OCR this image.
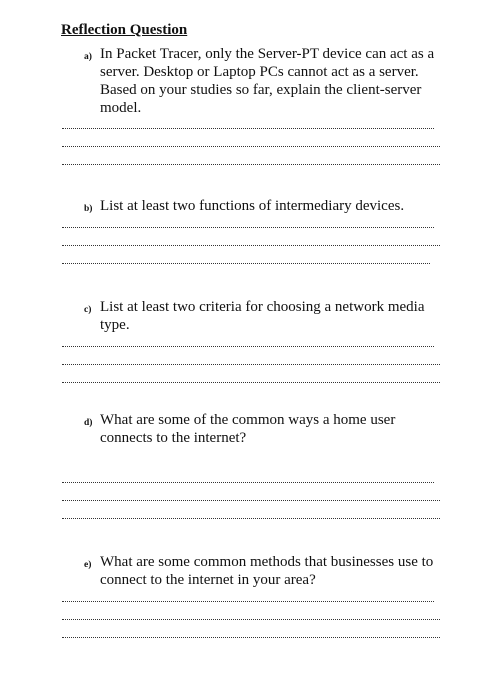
Reflection Question
a) In Packet Tracer, only the Server-PT device can act as a
server. Desktop or Laptop PCs cannot act as a server.
Based on your studies so far, explain the client-server
model.
b) List at least two functions of intermediary devices.
c) List at least two criteria for choosing a network media
type.
d) What are some of the common ways a home user
connects to the internet?
e) What are some common methods that businesses use to
connect to the internet in your area?
